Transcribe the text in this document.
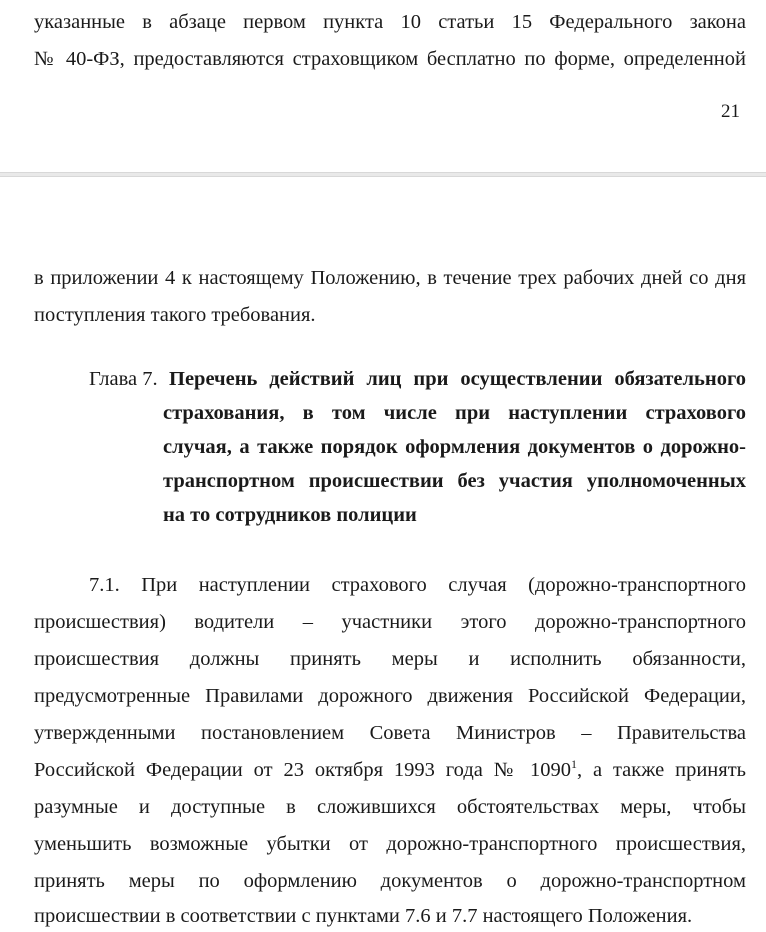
указанные в абзаце первом пункта 10 статьи 15 Федерального закона
№ 40-ФЗ, предоставляются страховщиком бесплатно по форме, определенной
21
в приложении 4 к настоящему Положению, в течение трех рабочих дней со дня
поступления такого требования.
Глава 7. Перечень действий лиц при осуществлении обязательного
страхования, в том числе при наступлении страхового
случая, а также порядок оформления документов о дорожно-
транспортном происшествии без участия уполномоченных
на то сотрудников полиции
7.1. При наступлении страхового случая (дорожно-транспортного
происшествия) водители – участники этого дорожно-транспортного
происшествия должны принять меры и исполнить обязанности,
предусмотренные Правилами дорожного движения Российской Федерации,
утвержденными постановлением Совета Министров – Правительства
Российской Федерации от 23 октября 1993 года № 1090$^1$, а также принять
разумные и доступные в сложившихся обстоятельствах меры, чтобы
уменьшить возможные убытки от дорожно-транспортного происшествия,
принять меры по оформлению документов о дорожно-транспортном
происшествии в соответствии с пунктами 7.6 и 7.7 настоящего Положения.
